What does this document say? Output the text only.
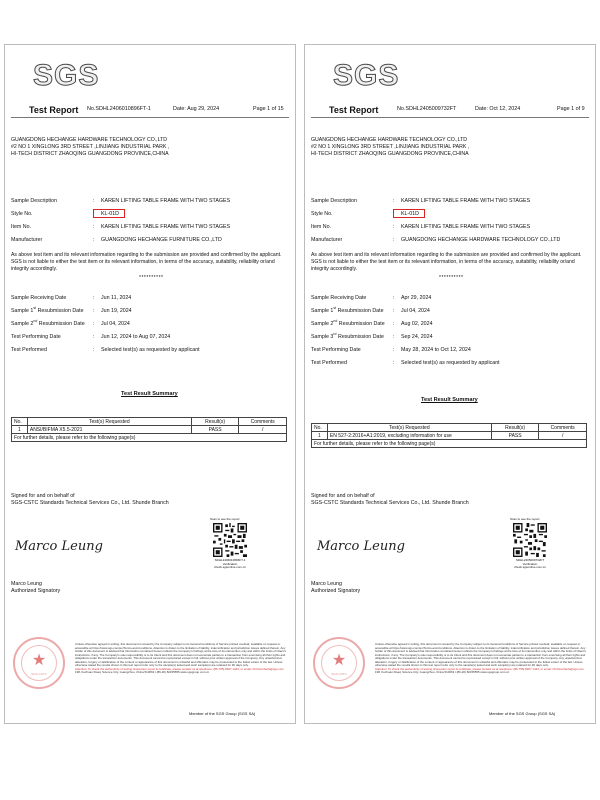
SGS
Test Report No.SDHL2406010896FT-1	Date: Aug 29, 2024	Page 1 of 15
GUANGDONG HECHANGE HARDWARE TECHNOLOGY CO.,LTD
#2 NO 1 XINGLONG 3RD STREET ,LINJIANG INDUSTRIAL PARK ,
HI-TECH DISTRICT ZHAOQING GUANGDONG PROVINCE,CHINA
Sample Description	: KAREN LIFTING TABLE FRAME WITH TWO STAGES
Style No.	: KL-01D
Item No.	: KAREN LIFTING TABLE FRAME WITH TWO STAGES
Manufacturer	: GUANGDONG HECHANGE FURNITURE CO.,LTD
As above test item and its relevant information regarding to the submission are provided and confirmed by the applicant. SGS is not liable to either the test item or its relevant information, in terms of the accuracy, suitability, reliability or/and integrity accordingly.
**********
Sample Receiving Date	: Jun 11, 2024
Sample 1st Resubmission Date : Jun 19, 2024
Sample 2nd Resubmission Date : Jul 04, 2024
Test Performing Date	: Jun 12, 2024 to Aug 07, 2024
Test Performed	: Selected test(s) as requested by applicant
Test Result Summary
No.	Test(s) Requested	Result(s)	Comments
1	ANSI/BIFMA X5.5-2021	PASS	/
For further details, please refer to the following page(s)			
Signed for and on behalf of
SGS-CSTC Standards Technical Services Co., Ltd. Shunde Branch
Scan to see the report
SDHL2406010896FT-1
Verification
check.sgsonline.com.cn
Marco Leung
Marco Leung
Authorized Signatory
★
SGS-CSTC
Unless otherwise agreed in writing, this document is issued by the Company subject to its General Conditions of Service printed overleaf, available on request or accessible at https://www.sgs.com/en/Terms-and-Conditions. Attention is drawn to the limitation of liability, indemnification and jurisdiction issues defined therein. Any holder of this document is advised that information contained hereon reflects the Company's findings at the time of its intervention only and within the limits of Client's instructions, if any. The Company's sole responsibility is to its Client and this document does not exonerate parties to a transaction from exercising all their rights and obligations under the transaction documents. This document cannot be reproduced except in full, without prior written approval of the Company. Any unauthorized alteration, forgery or falsification of the content or appearance of this document is unlawful and offenders may be prosecuted to the fullest extent of the law. Unless otherwise stated the results shown in this test report refer only to the sample(s) tested and such sample(s) are retained for 30 days only.
Attention: To check the authenticity of testing /inspection report & certificate, please contact us at telephone: (86-755) 8307 1443, or email: CN.Doccheck@sgs.com
198, Kezhuan Road, Science City, Guangzhou, China 510663 t (86-20) 82155555 www.sgsgroup.com.cn
Member of the SGS Group (SGS SA)
SGS
Test Report	No.SDHL2405009732FT	Date: Oct 12, 2024	Page 1 of 9
GUANGDONG HECHANGE HARDWARE TECHNOLOGY CO.,LTD
#2 NO 1 XINGLONG 3RD STREET ,LINJIANG INDUSTRIAL PARK ,
HI-TECH DISTRICT ZHAOQING GUANGDONG PROVINCE,CHINA
Sample Description	: KAREN LIFTING TABLE FRAME WITH TWO STAGES
Style No.	: KL-01D
Item No.	: KAREN LIFTING TABLE FRAME WITH TWO STAGES
Manufacturer	: GUANGDONG HECHANGE HARDWARE TECHNOLOGY CO.,LTD
As above test item and its relevant information regarding to the submission are provided and confirmed by the applicant. SGS is not liable to either the test item or its relevant information, in terms of the accuracy, suitability, reliability or/and integrity accordingly.
**********
Sample Receiving Date	: Apr 29, 2024
Sample 1st Resubmission Date : Jul 04, 2024
Sample 2nd Resubmission Date : Aug 02, 2024
Sample 3rd Resubmission Date : Sep 24, 2024
Test Performing Date	: May 28, 2024 to Oct 12, 2024
Test Performed	: Selected test(s) as requested by applicant
Test Result Summary
No.	Test(s) Requested	Result(s)	Comments
1	EN 527-2:2016+A1:2019, excluding information for use	PASS	/
For further details, please refer to the following page(s)			
Signed for and on behalf of
SGS-CSTC Standards Technical Services Co., Ltd. Shunde Branch
Scan to see the report
SDHL2405009732FT
Verification
check.sgsonline.com.cn
Marco Leung
Marco Leung
Authorized Signatory
★
SGS-CSTC
Unless otherwise agreed in writing, this document is issued by the Company subject to its General Conditions of Service printed overleaf, available on request or accessible at https://www.sgs.com/en/Terms-and-Conditions. Attention is drawn to the limitation of liability, indemnification and jurisdiction issues defined therein. Any holder of this document is advised that information contained hereon reflects the Company's findings at the time of its intervention only and within the limits of Client's instructions, if any. The Company's sole responsibility is to its Client and this document does not exonerate parties to a transaction from exercising all their rights and obligations under the transaction documents. This document cannot be reproduced except in full, without prior written approval of the Company. Any unauthorized alteration, forgery or falsification of the content or appearance of this document is unlawful and offenders may be prosecuted to the fullest extent of the law. Unless otherwise stated the results shown in this test report refer only to the sample(s) tested and such sample(s) are retained for 30 days only.
Attention: To check the authenticity of testing /inspection report & certificate, please contact us at telephone: (86-755) 8307 1443, or email: CN.Doccheck@sgs.com
198, Kezhuan Road, Science City, Guangzhou, China 510663 t (86-20) 82155555 www.sgsgroup.com.cn
Member of the SGS Group (SGS SA)
